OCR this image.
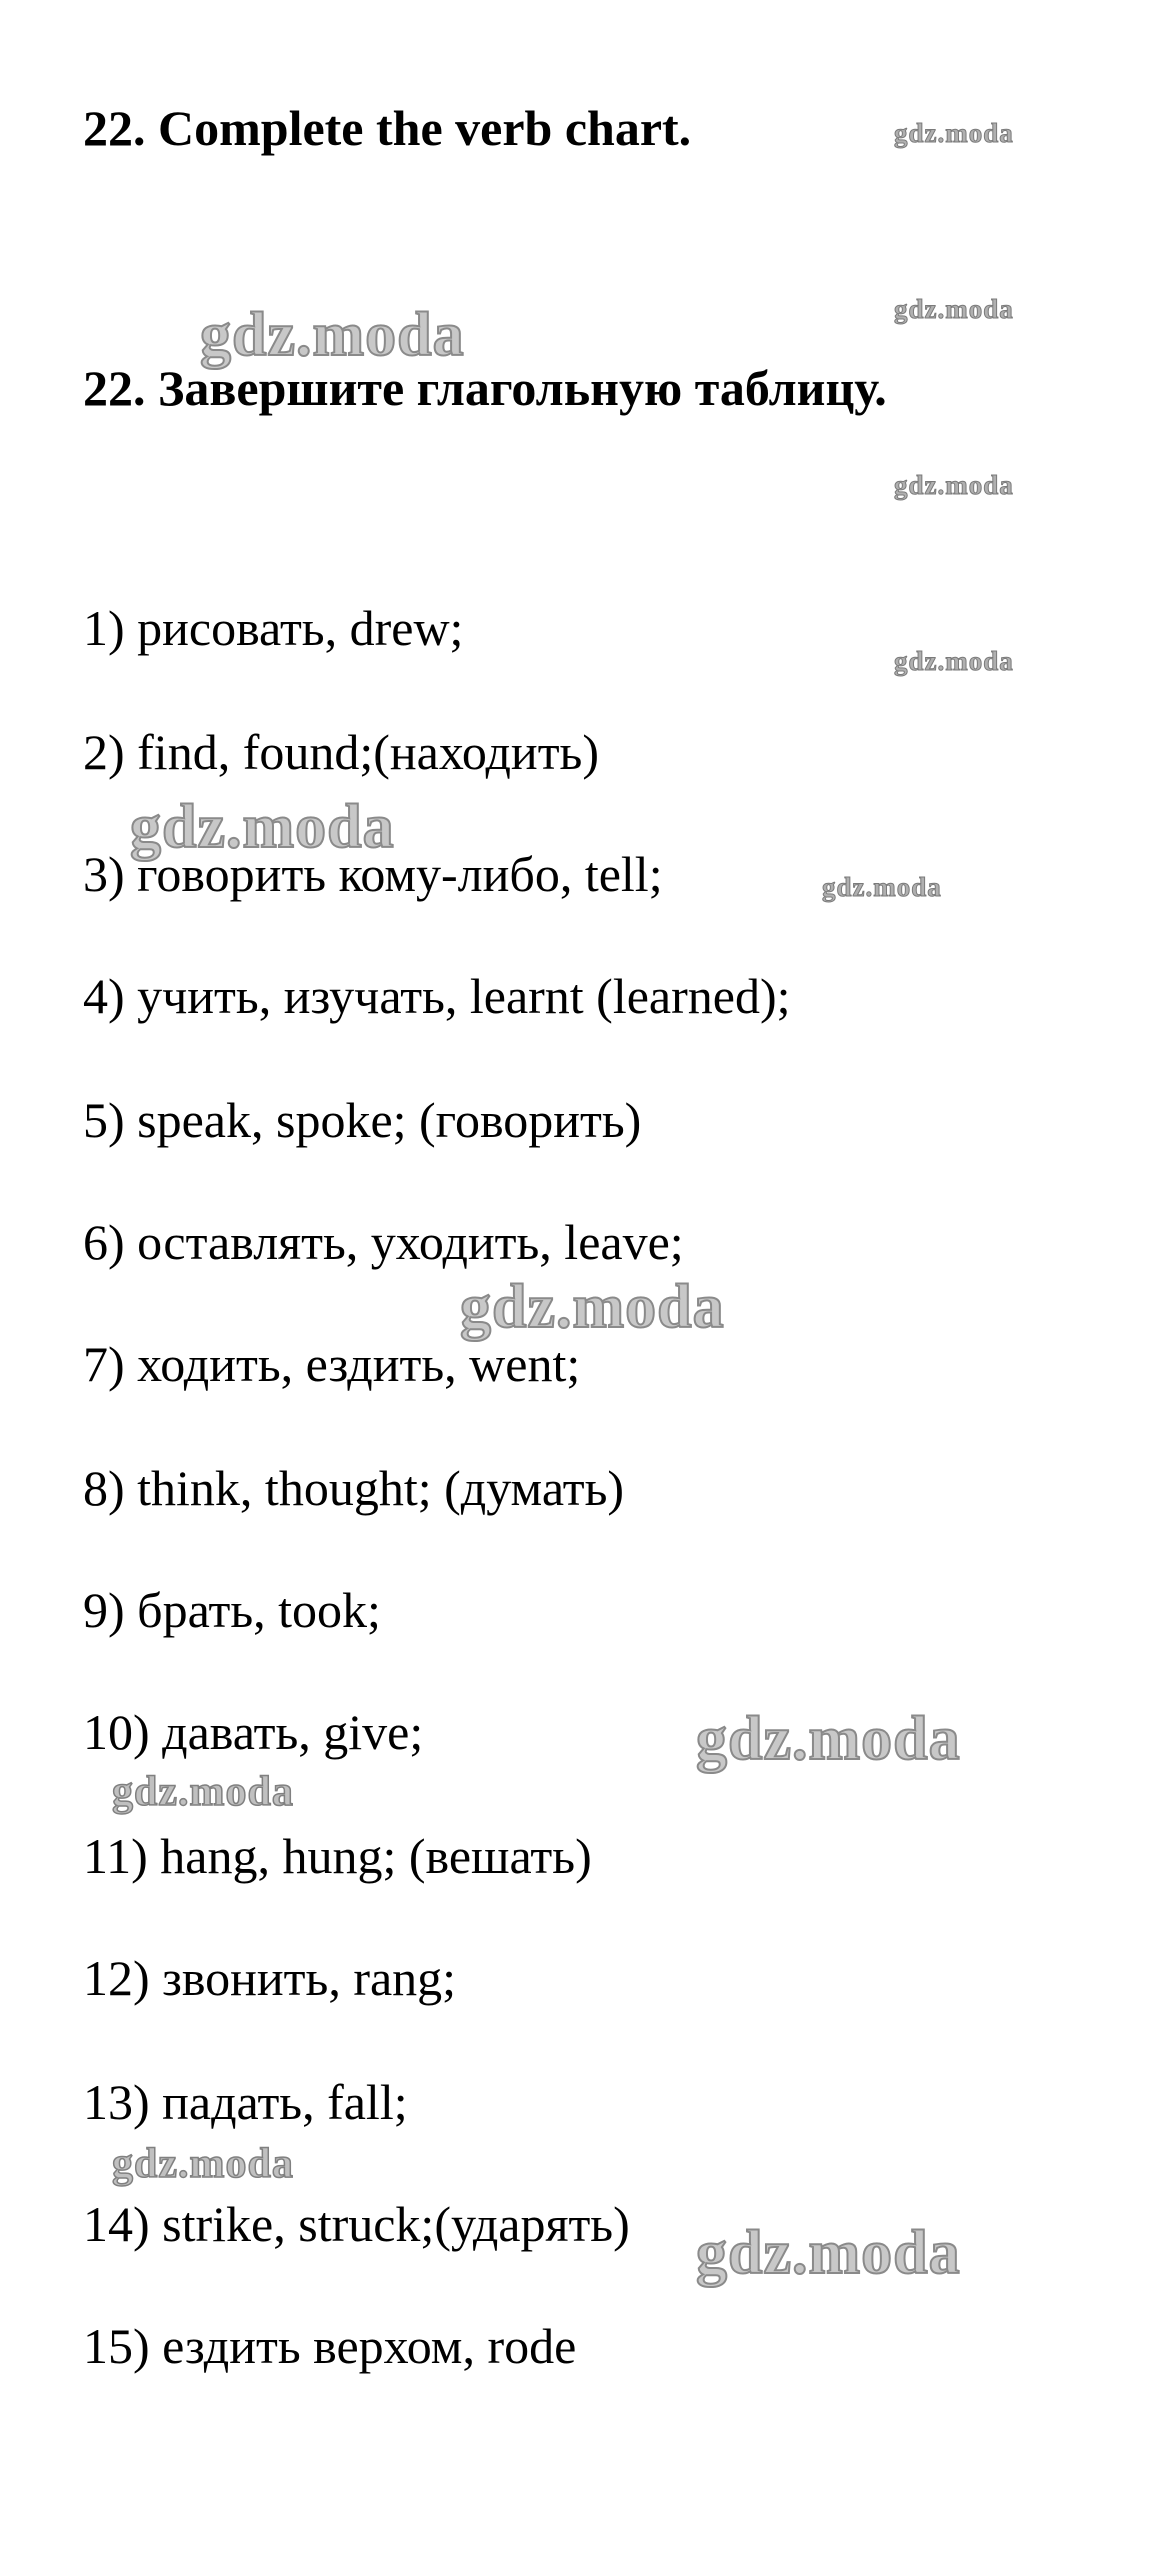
gdz.moda
gdz.moda
gdz.moda
gdz.moda
gdz.moda
gdz.moda
gdz.moda
gdz.moda
gdz.moda
gdz.moda
gdz.moda
gdz.moda
22. Complete the verb chart.
22. Завершите глагольную таблицу.
1) рисовать, drew;
2) find, found;(находить)
3) говорить кому-либо, tell;
4) учить, изучать, learnt (learned);
5) speak, spoke; (говорить)
6) оставлять, уходить, leave;
7) ходить, ездить, went;
8) think, thought; (думать)
9) брать, took;
10) давать, give;
11) hang, hung; (вешать)
12) звонить, rang;
13) падать, fall;
14) strike, struck;(ударять)
15) ездить верхом, rode
